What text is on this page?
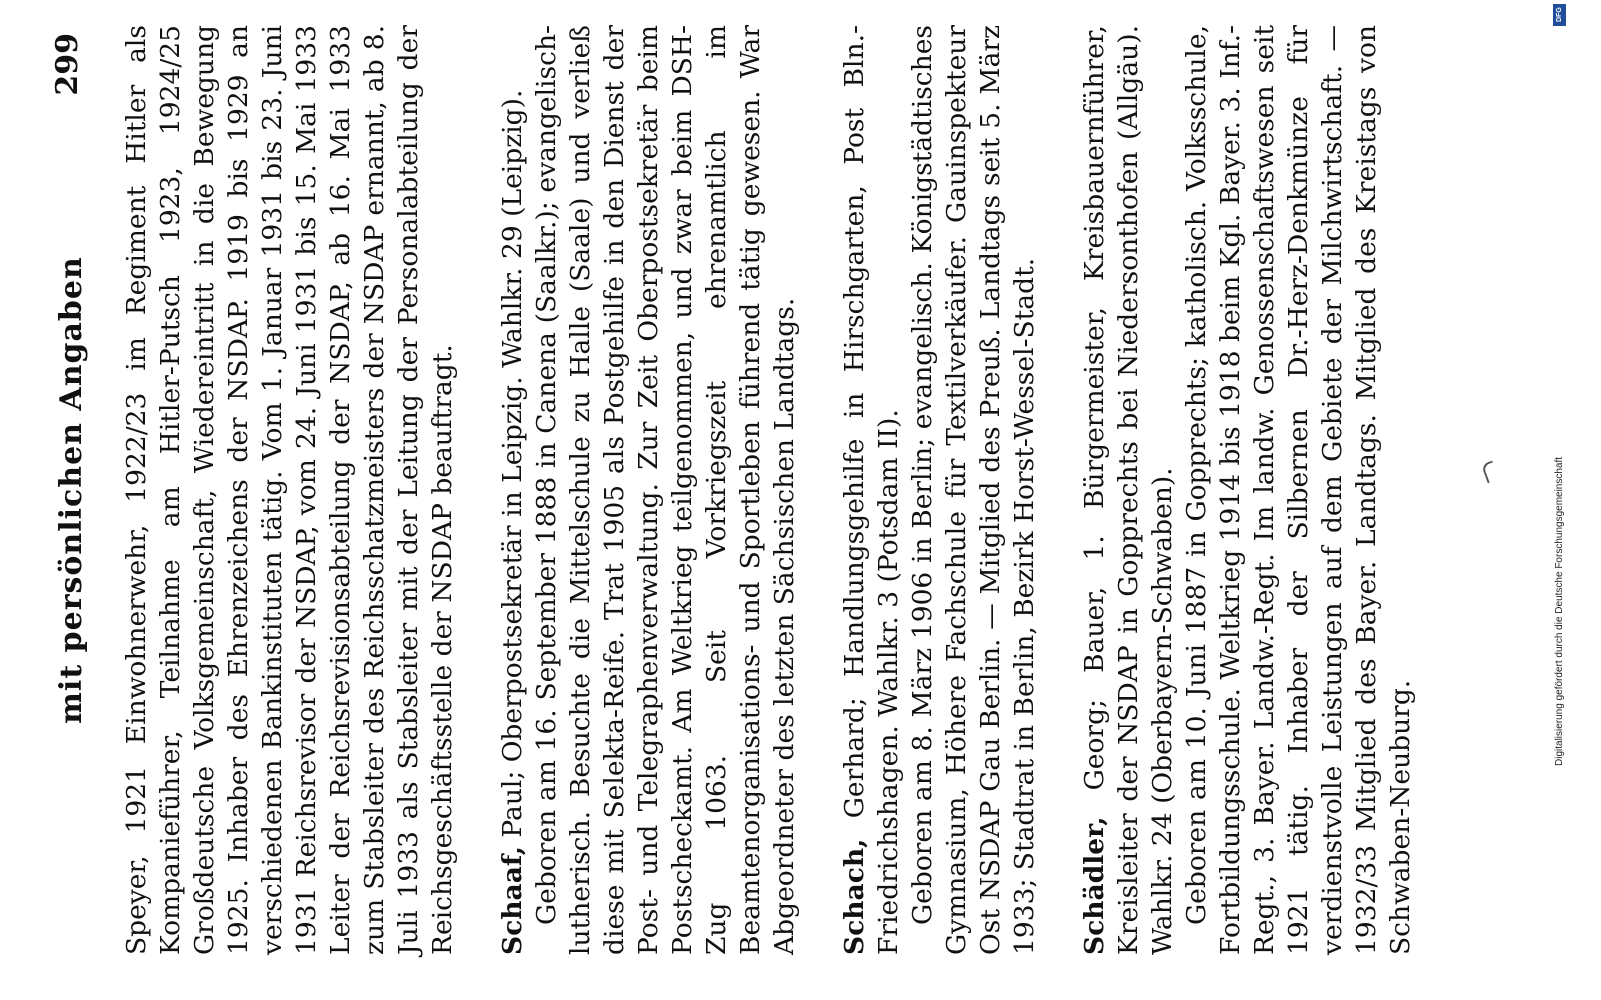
mit persönlichen Angaben
299 Speyer, 1921 Einwohnerwehr, 1922/23 im Regiment Hitler als Kompanieführer, Teilnahme am Hitler-Putsch 1923, 1924/25 Großdeutsche Volksgemeinschaft, Wiedereintritt in die Bewegung 1925. Inhaber des Ehrenzeichens der NSDAP. 1919 bis 1929 an verschiedenen Bankinstituten tätig. Vom 1. Januar 1931 bis 23. Juni 1931 Reichsrevisor der NSDAP, vom 24. Juni 1931 bis 15. Mai 1933 Leiter der Reichsrevisionsabteilung der NSDAP, ab 16. Mai 1933 zum Stabsleiter des Reichsschatzmeisters der NSDAP ernannt, ab 8. Juli 1933 als Stabsleiter mit der Leitung der Personalabteilung der Reichsgeschäftsstelle der NSDAP beauftragt. Schaaf, Paul; Oberpostsekretär in Leipzig. Wahlkr. 29 (Leipzig). Geboren am 16. September 1888 in Canena (Saalkr.); evangelisch-lutherisch. Besuchte die Mittelschule zu Halle (Saale) und verließ diese mit Selekta-Reife. Trat 1905 als Postgehilfe in den Dienst der Post- und Telegraphenverwaltung. Zur Zeit Oberpostsekretär beim Postscheckamt. Am Weltkrieg teilgenommen, und zwar beim DSH-Zug 1063. Seit Vorkriegszeit ehrenamtlich im Beamtenorganisations- und Sportleben führend tätig gewesen. War Abgeordneter des letzten Sächsischen Landtags. Schach, Gerhard; Handlungsgehilfe in Hirschgarten, Post Bln.-Friedrichshagen. Wahlkr. 3 (Potsdam II). Geboren am 8. März 1906 in Berlin; evangelisch. Königstädtisches Gymnasium, Höhere Fachschule für Textilverkäufer. Gauinspekteur Ost NSDAP Gau Berlin. — Mitglied des Preuß. Landtags seit 5. März 1933; Stadtrat in Berlin, Bezirk Horst-Wessel-Stadt. Schädler, Georg; Bauer, 1. Bürgermeister, Kreisbauernführer, Kreisleiter der NSDAP in Gopprechts bei Niedersonthofen (Allgäu). Wahlkr. 24 (Oberbayern-Schwaben). Geboren am 10. Juni 1887 in Gopprechts; katholisch. Volksschule, Fortbildungsschule. Weltkrieg 1914 bis 1918 beim Kgl. Bayer. 3. Inf.-Regt., 3. Bayer. Landw.-Regt. Im landw. Genossenschaftswesen seit 1921 tätig. Inhaber der Silbernen Dr.-Herz-Denkmünze für verdienstvolle Leistungen auf dem Gebiete der Milchwirtschaft. — 1932/33 Mitglied des Bayer. Landtags. Mitglied des Kreistags von Schwaben-Neuburg.

DFG
Digitalisierung gefördert durch die Deutsche Forschungsgemeinschaft
